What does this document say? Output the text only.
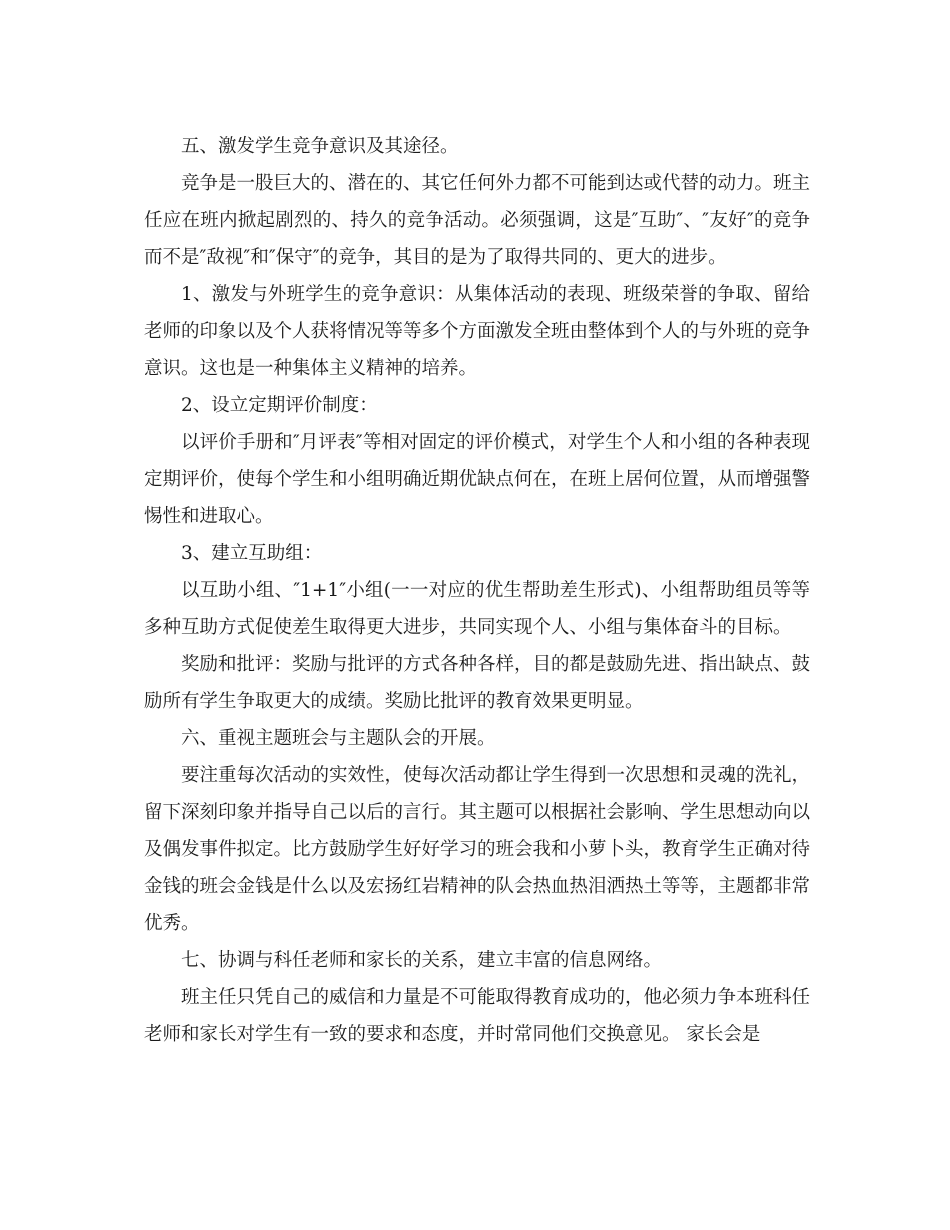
五、激发学生竞争意识及其途径。

竞争是一股巨大的、潜在的、其它任何外力都不可能到达或代替的动力。班主任应在班内掀起剧烈的、持久的竞争活动。必须强调，这是″互助″、″友好″的竞争而不是″敌视″和″保守″的竞争，其目的是为了取得共同的、更大的进步。

1、激发与外班学生的竞争意识：从集体活动的表现、班级荣誉的争取、留给老师的印象以及个人获将情况等等多个方面激发全班由整体到个人的与外班的竞争意识。这也是一种集体主义精神的培养。

2、设立定期评价制度：

以评价手册和″月评表″等相对固定的评价模式，对学生个人和小组的各种表现定期评价，使每个学生和小组明确近期优缺点何在，在班上居何位置，从而增强警惕性和进取心。

3、建立互助组：

以互助小组、″1+1″小组(一一对应的优生帮助差生形式)、小组帮助组员等等多种互助方式促使差生取得更大进步，共同实现个人、小组与集体奋斗的目标。

奖励和批评：奖励与批评的方式各种各样，目的都是鼓励先进、指出缺点、鼓励所有学生争取更大的成绩。奖励比批评的教育效果更明显。

六、重视主题班会与主题队会的开展。

要注重每次活动的实效性，使每次活动都让学生得到一次思想和灵魂的洗礼，留下深刻印象并指导自己以后的言行。其主题可以根据社会影响、学生思想动向以及偶发事件拟定。比方鼓励学生好好学习的班会我和小萝卜头，教育学生正确对待金钱的班会金钱是什么以及宏扬红岩精神的队会热血热泪洒热土等等，主题都非常优秀。

七、协调与科任老师和家长的关系，建立丰富的信息网络。

班主任只凭自己的威信和力量是不可能取得教育成功的，他必须力争本班科任老师和家长对学生有一致的要求和态度，并时常同他们交换意见。 家长会是
